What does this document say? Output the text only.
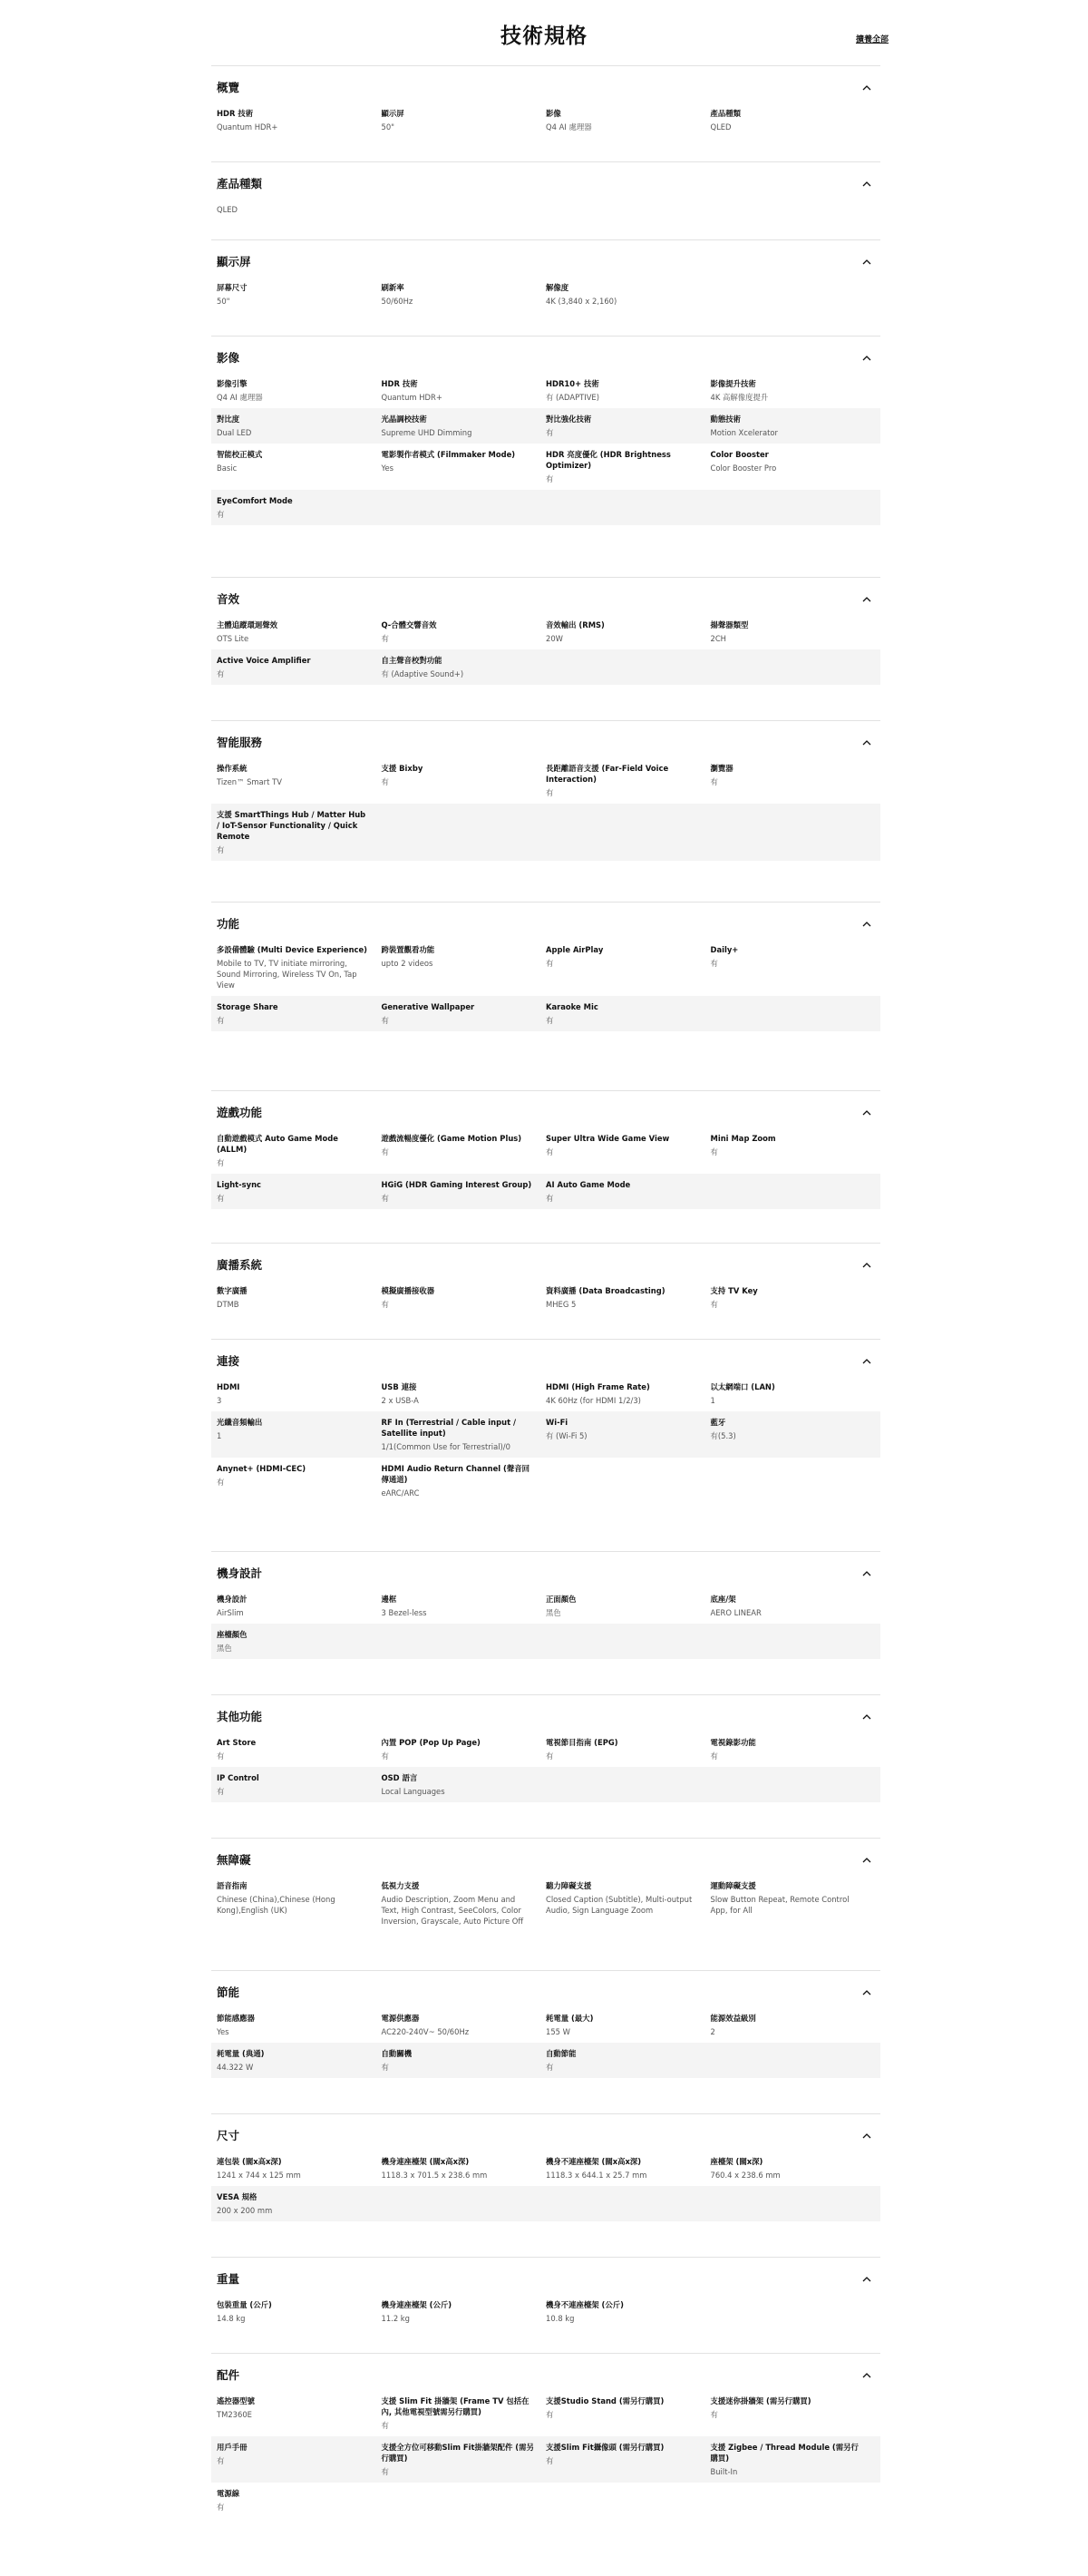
技術規格	擴養全部
概覽
HDR 技術
Quantum HDR+
顯示屏
50"
影像
Q4 AI 處理器
產品種類
QLED
產品種類
QLED
顯示屏
屏幕尺寸
50"
刷新率
50/60Hz
解像度
4K (3,840 x 2,160)
影像
影像引擎
Q4 AI 處理器
HDR 技術
Quantum HDR+
HDR10+ 技術
有 (ADAPTIVE)
影像提升技術
4K 高解像度提升
對比度
Dual LED
光晶調校技術
Supreme UHD Dimming
對比強化技術
有
動態技術
Motion Xcelerator
智能校正模式
Basic
電影製作者模式 (Filmmaker Mode)
Yes
HDR 亮度優化 (HDR Brightness Optimizer)
有
Color Booster
Color Booster Pro
EyeComfort Mode
有
音效
主體追蹤環迴聲效
OTS Lite
Q-合體交響音效
有
音效輸出 (RMS)
20W
揚聲器類型
2CH
Active Voice Amplifier
有
自主聲音校對功能
有 (Adaptive Sound+)
智能服務
操作系統
Tizen™ Smart TV
支援 Bixby
有
長距離語音支援 (Far-Field Voice Interaction)
有
瀏覽器
有
支援 SmartThings Hub / Matter Hub / IoT-Sensor Functionality / Quick Remote
有
功能
多設備體驗 (Multi Device Experience)
Mobile to TV, TV initiate mirroring, Sound Mirroring, Wireless TV On, Tap View
跨裝置觀看功能
upto 2 videos
Apple AirPlay
有
Daily+
有
Storage Share
有
Generative Wallpaper
有
Karaoke Mic
有
遊戲功能
自動遊戲模式 Auto Game Mode (ALLM)
有
遊戲流暢度優化 (Game Motion Plus)
有
Super Ultra Wide Game View
有
Mini Map Zoom
有
Light-sync
有
HGiG (HDR Gaming Interest Group)
有
AI Auto Game Mode
有
廣播系統
數字廣播
DTMB
模擬廣播接收器
有
資料廣播 (Data Broadcasting)
MHEG 5
支持 TV Key
有
連接
HDMI
3
USB 連接
2 x USB-A
HDMI (High Frame Rate)
4K 60Hz (for HDMI 1/2/3)
以太網端口 (LAN)
1
光纖音頻輸出
1
RF In (Terrestrial / Cable input / Satellite input)
1/1(Common Use for Terrestrial)/0
Wi-Fi
有 (Wi-Fi 5)
藍牙
有(5.3)
Anynet+ (HDMI-CEC)
有
HDMI Audio Return Channel (聲音回傳通道)
eARC/ARC
機身設計
機身設計
AirSlim
邊框
3 Bezel-less
正面顏色
黑色
底座/架
AERO LINEAR
座檯顏色
黑色
其他功能
Art Store
有
內置 POP (Pop Up Page)
有
電視節目指南 (EPG)
有
電視錄影功能
有
IP Control
有
OSD 語言
Local Languages
無障礙
語音指南
Chinese (China),Chinese (Hong Kong),English (UK)
低視力支援
Audio Description, Zoom Menu and Text, High Contrast, SeeColors, Color Inversion, Grayscale, Auto Picture Off
聽力障礙支援
Closed Caption (Subtitle), Multi-output Audio, Sign Language Zoom
運動障礙支援
Slow Button Repeat, Remote Control App, for All
節能
節能感應器
Yes
電源供應器
AC220-240V~ 50/60Hz
耗電量 (最大)
155 W
能源效益級別
2
耗電量 (典通)
44.322 W
自動關機
有
自動節能
有
尺寸
連包裝 (闊x高x深)
1241 x 744 x 125 mm
機身連座檯架 (闊x高x深)
1118.3 x 701.5 x 238.6 mm
機身不連座檯架 (闊x高x深)
1118.3 x 644.1 x 25.7 mm
座檯架 (闊x深)
760.4 x 238.6 mm
VESA 規格
200 x 200 mm
重量
包裝重量 (公斤)
14.8 kg
機身連座檯架 (公斤)
11.2 kg
機身不連座檯架 (公斤)
10.8 kg
配件
遙控器型號
TM2360E
支援 Slim Fit 掛牆架 (Frame TV 包括在內, 其他電視型號需另行購買)
有
支援Studio Stand (需另行購買)
有
支援迷你掛牆架 (需另行購買)
有
用戶手冊
有
支援全方位可移動Slim Fit掛牆架配件 (需另行購買)
有
支援Slim Fit攝像頭 (需另行購買)
有
支援 Zigbee / Thread Module (需另行購買)
Built-In
電源線
有
